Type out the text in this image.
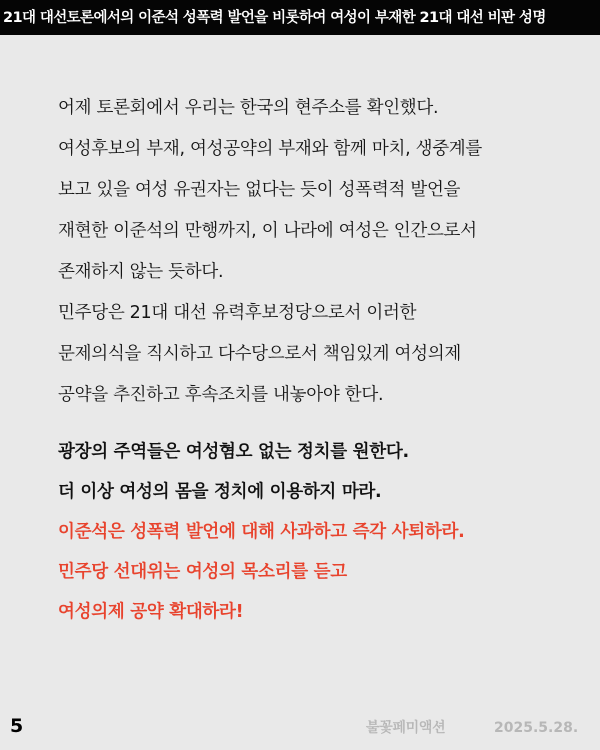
21대 대선토론에서의 이준석 성폭력 발언을 비롯하여 여성이 부재한 21대 대선 비판 성명
어제 토론회에서 우리는 한국의 현주소를 확인했다.
여성후보의 부재, 여성공약의 부재와 함께 마치, 생중계를
보고 있을 여성 유권자는 없다는 듯이 성폭력적 발언을
재현한 이준석의 만행까지, 이 나라에 여성은 인간으로서
존재하지 않는 듯하다.
민주당은 21대 대선 유력후보정당으로서 이러한
문제의식을 직시하고 다수당으로서 책임있게 여성의제
공약을 추진하고 후속조치를 내놓아야 한다.
광장의 주역들은 여성혐오 없는 정치를 원한다.
더 이상 여성의 몸을 정치에 이용하지 마라.
이준석은 성폭력 발언에 대해 사과하고 즉각 사퇴하라.
민주당 선대위는 여성의 목소리를 듣고
여성의제 공약 확대하라!
5	불꽃페미액션	2025.5.28.
